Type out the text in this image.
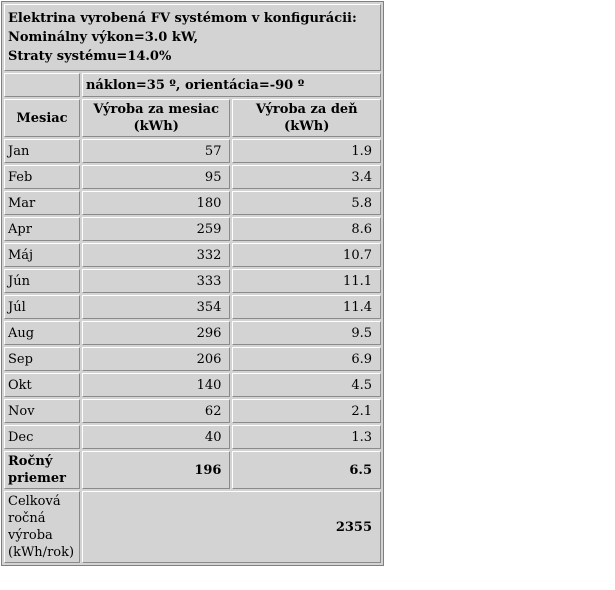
Elektrina vyrobená FV systémom v konfigurácii:
Nominálny výkon=3.0 kW,
Straty systému=14.0%		
	náklon=35 º, orientácia=-90 º	
Mesiac	Výroba za mesiac (kWh)	Výroba za deň (kWh)
Jan	57	1.9
Feb	95	3.4
Mar	180	5.8
Apr	259	8.6
Máj	332	10.7
Jún	333	11.1
Júl	354	11.4
Aug	296	9.5
Sep	206	6.9
Okt	140	4.5
Nov	62	2.1
Dec	40	1.3
Ročný priemer	196	6.5
Celková ročná výroba (kWh/rok)	2355	
